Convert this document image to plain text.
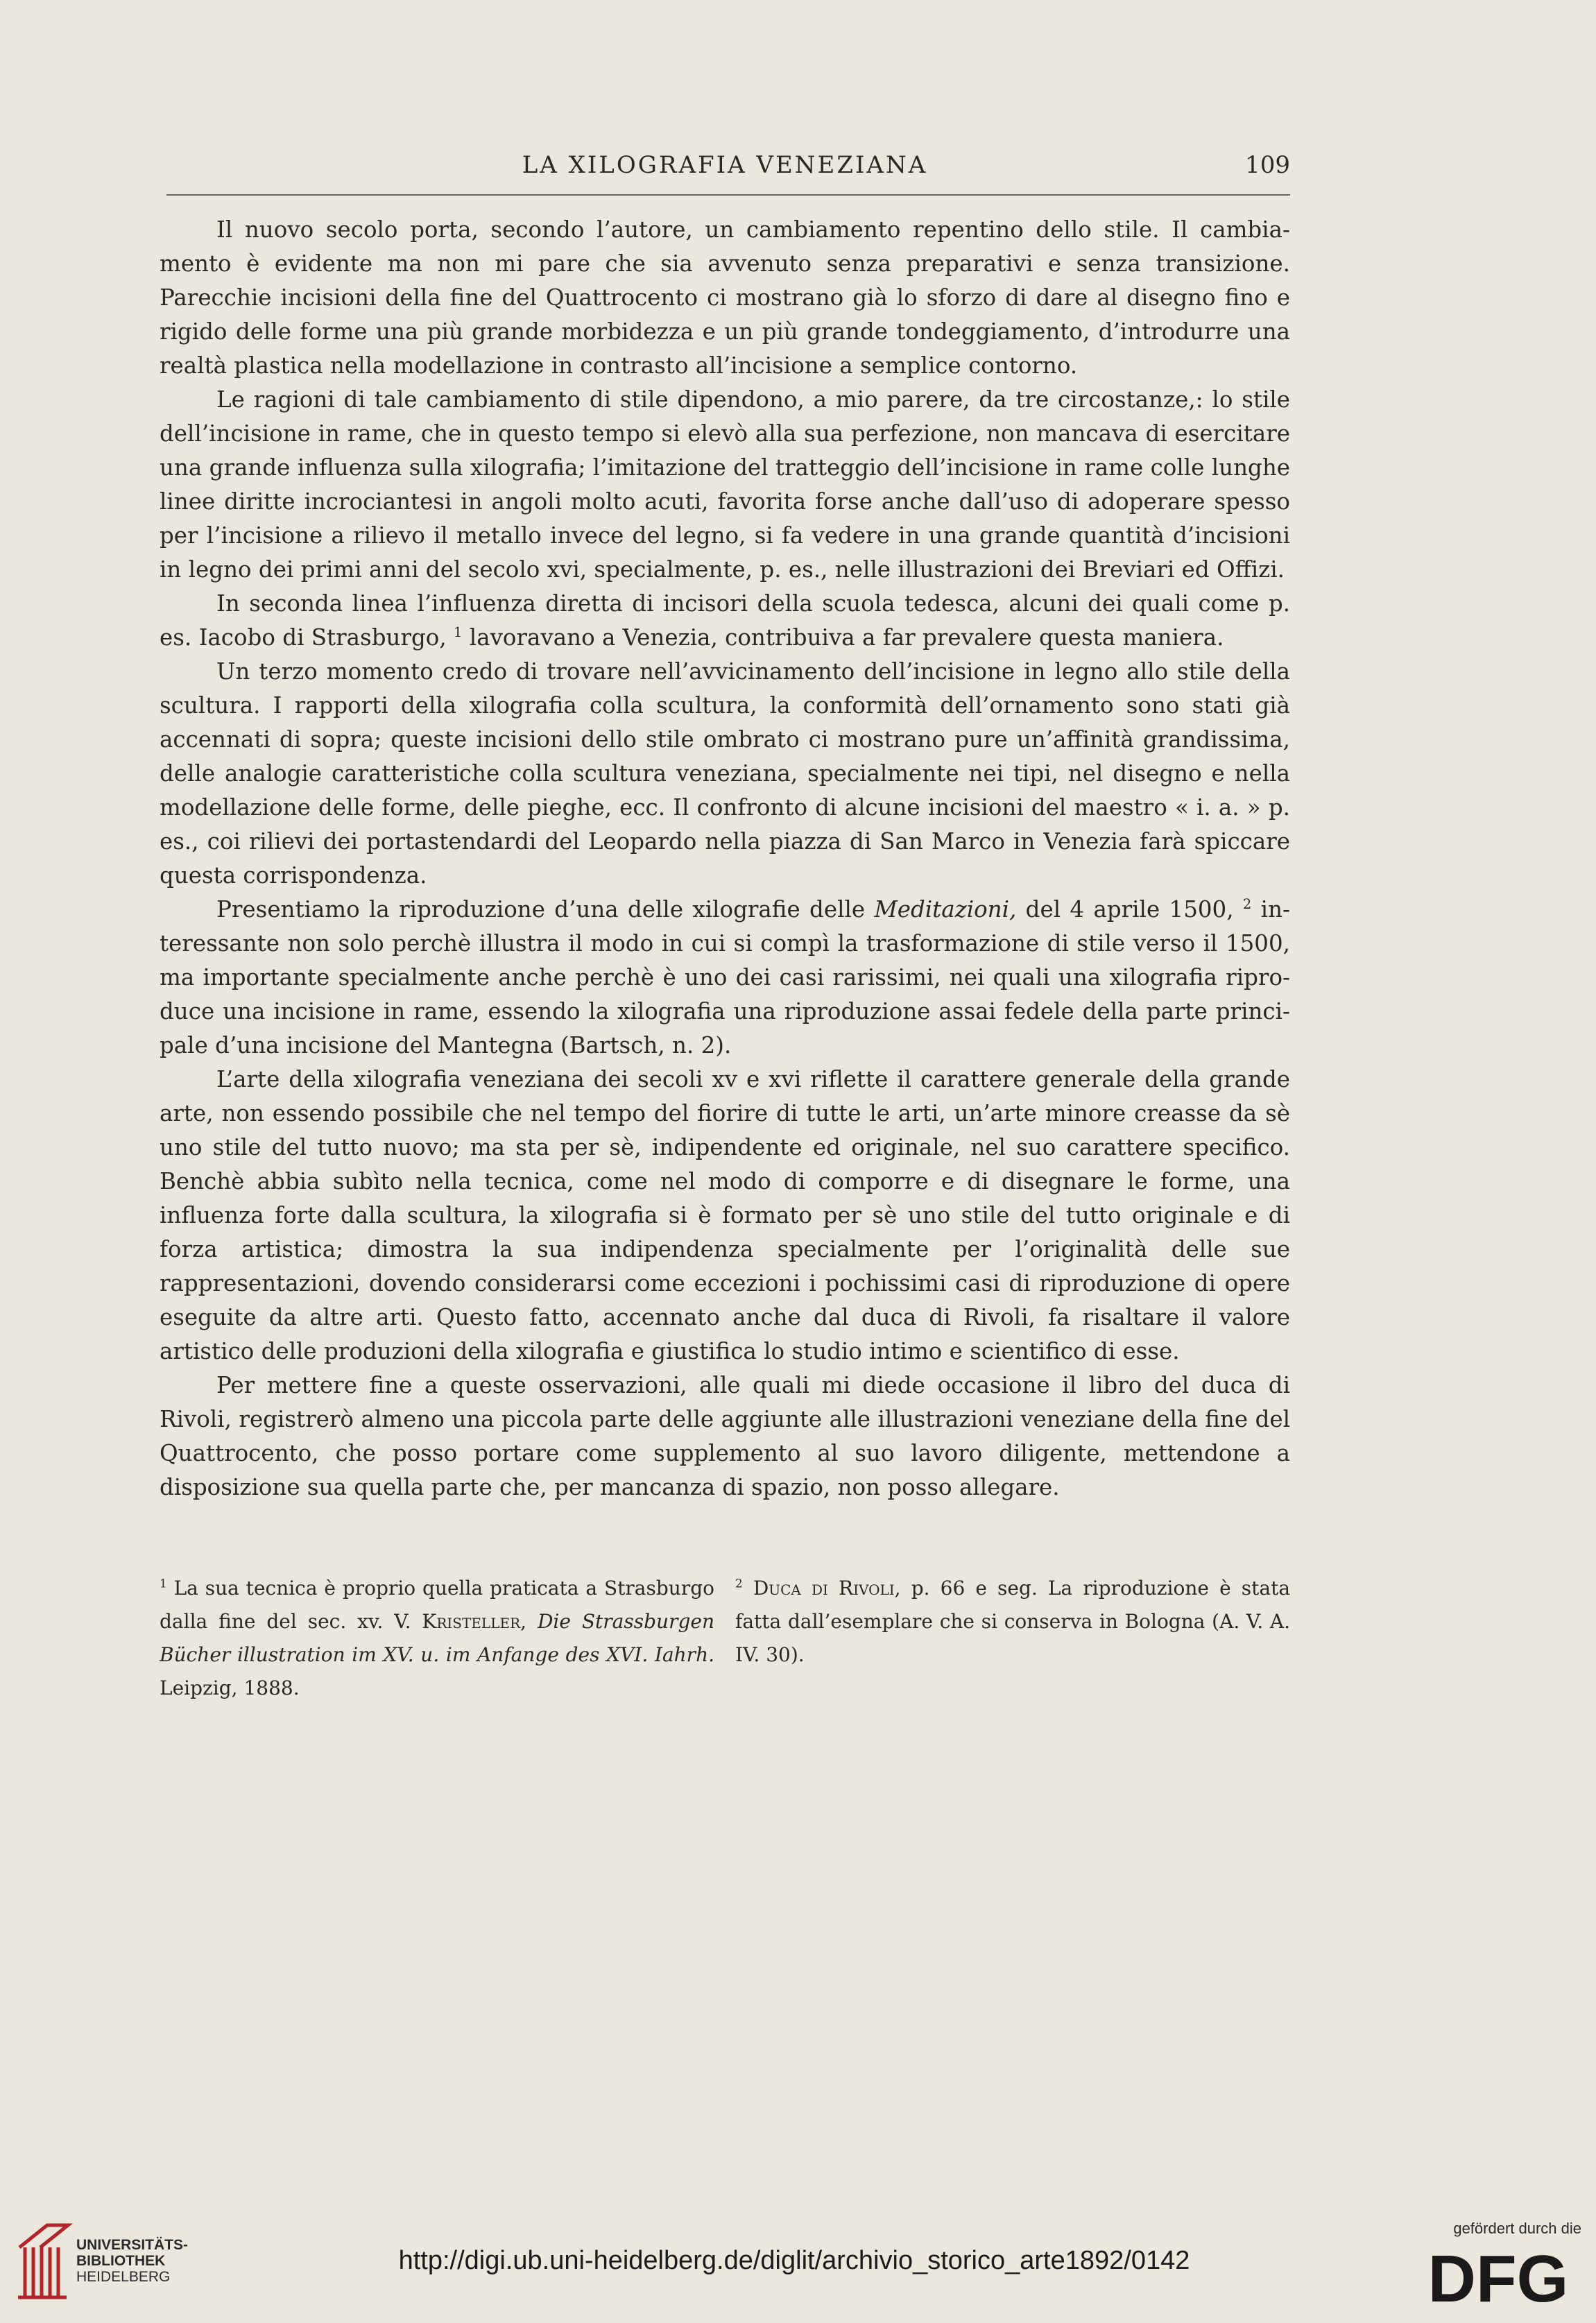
LA XILOGRAFIA VENEZIANA	109

Il nuovo secolo porta, secondo l’autore, un cambiamento repentino dello stile. Il cambiamento è evidente ma non mi pare che sia avvenuto senza preparativi e senza transizione. Parecchie incisioni della fine del Quattrocento ci mostrano già lo sforzo di dare al disegno fino e rigido delle forme una più grande morbidezza e un più grande tondeggiamento, d’introdurre una realtà plastica nella modellazione in contrasto all’incisione a semplice contorno.

Le ragioni di tale cambiamento di stile dipendono, a mio parere, da tre circostanze,: lo stile dell’incisione in rame, che in questo tempo si elevò alla sua perfezione, non mancava di esercitare una grande influenza sulla xilografia; l’imitazione del tratteggio dell’incisione in rame colle lunghe linee diritte incrociantesi in angoli molto acuti, favorita forse anche dall’uso di adoperare spesso per l’incisione a rilievo il metallo invece del legno, si fa vedere in una grande quantità d’incisioni in legno dei primi anni del secolo xvi, specialmente, p. es., nelle illustrazioni dei Breviari ed Offizi.

In seconda linea l’influenza diretta di incisori della scuola tedesca, alcuni dei quali come p. es. Iacobo di Strasburgo, $^1$ lavoravano a Venezia, contribuiva a far prevalere questa maniera.

Un terzo momento credo di trovare nell’avvicinamento dell’incisione in legno allo stile della scultura. I rapporti della xilografia colla scultura, la conformità dell’ornamento sono stati già accennati di sopra; queste incisioni dello stile ombrato ci mostrano pure un’affinità grandissima, delle analogie caratteristiche colla scultura veneziana, specialmente nei tipi, nel disegno e nella modellazione delle forme, delle pieghe, ecc. Il confronto di alcune incisioni del maestro « i. a. » p. es., coi rilievi dei portastendardi del Leopardo nella piazza di San Marco in Venezia farà spiccare questa corrispondenza.

Presentiamo la riproduzione d’una delle xilografie delle Meditazioni, del 4 aprile 1500, $^2$ interessante non solo perchè illustra il modo in cui si compì la trasformazione di stile verso il 1500, ma importante specialmente anche perchè è uno dei casi rarissimi, nei quali una xilografia riproduce una incisione in rame, essendo la xilografia una riproduzione assai fedele della parte principale d’una incisione del Mantegna (Bartsch, n. 2).

L’arte della xilografia veneziana dei secoli xv e xvi riflette il carattere generale della grande arte, non essendo possibile che nel tempo del fiorire di tutte le arti, un’arte minore creasse da sè uno stile del tutto nuovo; ma sta per sè, indipendente ed originale, nel suo carattere specifico. Benchè abbia subìto nella tecnica, come nel modo di comporre e di disegnare le forme, una influenza forte dalla scultura, la xilografia si è formato per sè uno stile del tutto originale e di forza artistica; dimostra la sua indipendenza specialmente per l’originalità delle sue rappresentazioni, dovendo considerarsi come eccezioni i pochissimi casi di riproduzione di opere eseguite da altre arti. Questo fatto, accennato anche dal duca di Rivoli, fa risaltare il valore artistico delle produzioni della xilografia e giustifica lo studio intimo e scientifico di esse.

Per mettere fine a queste osservazioni, alle quali mi diede occasione il libro del duca di Rivoli, registrerò almeno una piccola parte delle aggiunte alle illustrazioni veneziane della fine del Quattrocento, che posso portare come supplemento al suo lavoro diligente, mettendone a disposizione sua quella parte che, per mancanza di spazio, non posso allegare.

$^1$ La sua tecnica è proprio quella praticata a Strasburgo dalla fine del sec. xv. V. Kristeller, Die Strassburgen Bücher illustration im XV. u. im Anfange des XVI. Iahrh. Leipzig, 1888.
$^2$ Duca di Rivoli, p. 66 e seg. La riproduzione è stata fatta dall’esemplare che si conserva in Bologna (A. V. A. IV. 30).
UNIVERSITÄTS-
BIBLIOTHEK
HEIDELBERG
http://digi.ub.uni-heidelberg.de/diglit/archivio_storico_arte1892/0142
gefördert durch die
DFG
